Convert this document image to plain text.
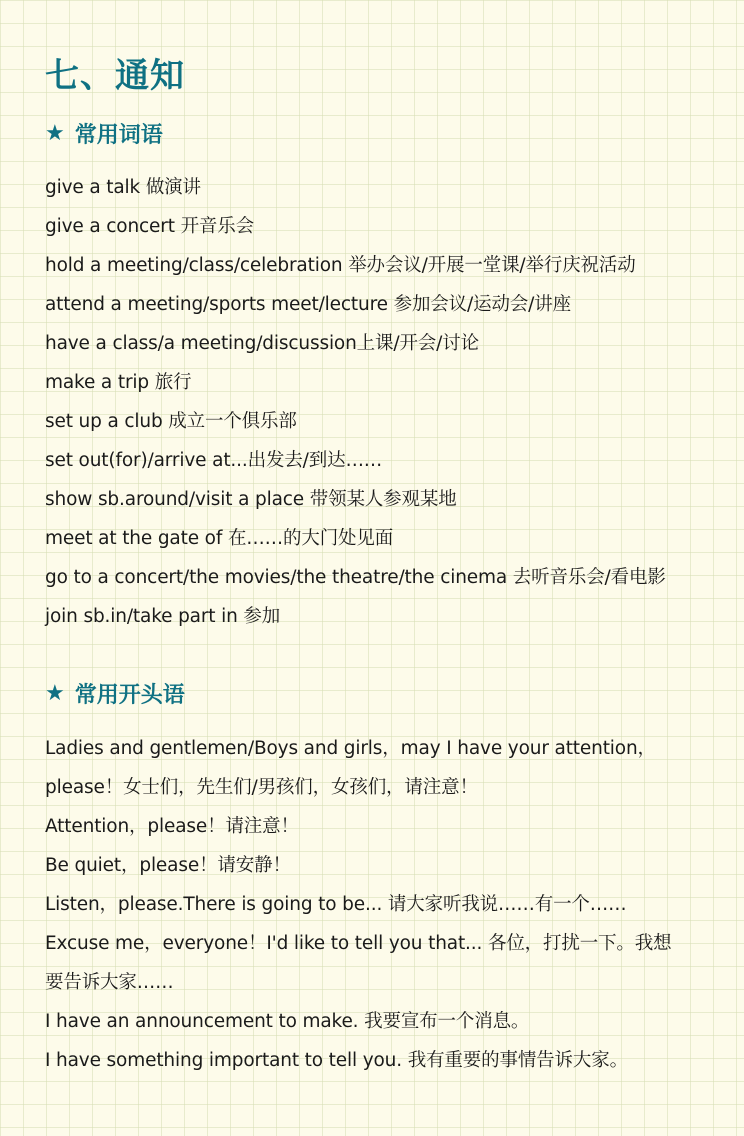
七、通知
★ 常用词语
give a talk 做演讲
give a concert 开音乐会
hold a meeting/class/celebration 举办会议/开展一堂课/举行庆祝活动
attend a meeting/sports meet/lecture 参加会议/运动会/讲座
have a class/a meeting/discussion上课/开会/讨论
make a trip 旅行
set up a club 成立一个俱乐部
set out(for)/arrive at...出发去/到达……
show sb.around/visit a place 带领某人参观某地
meet at the gate of 在……的大门处见面
go to a concert/the movies/the theatre/the cinema 去听音乐会/看电影
join sb.in/take part in 参加
★ 常用开头语
Ladies and gentlemen/Boys and girls，may I have your attention，
please！女士们，先生们/男孩们，女孩们，请注意！
Attention，please！请注意！
Be quiet，please！请安静！
Listen，please.There is going to be... 请大家听我说……有一个……
Excuse me，everyone！I'd like to tell you that... 各位，打扰一下。我想
要告诉大家……
I have an announcement to make. 我要宣布一个消息。
I have something important to tell you. 我有重要的事情告诉大家。
